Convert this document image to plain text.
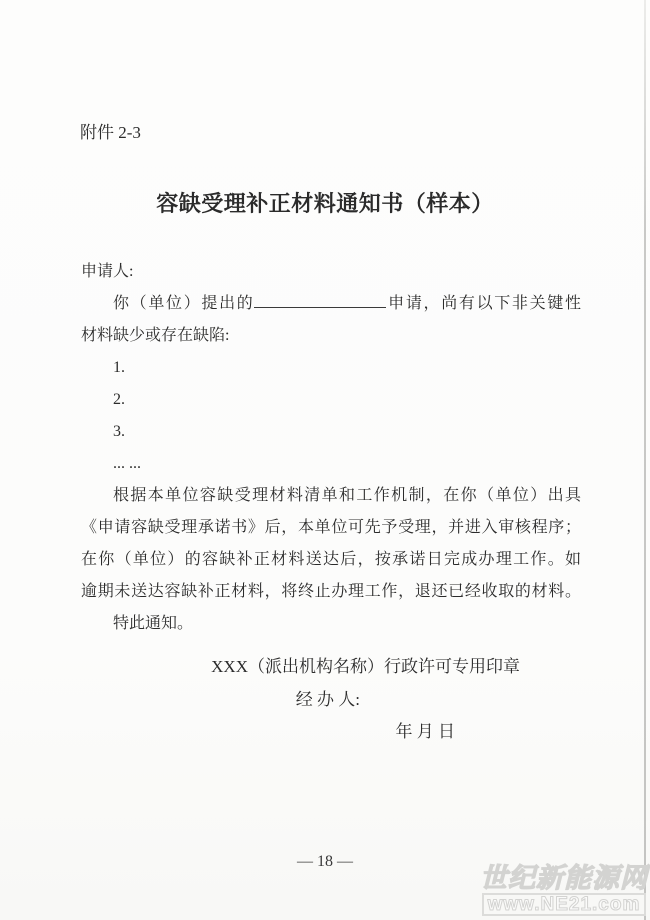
附件 2-3
容缺受理补正材料通知书（样本）

申请人:

你（单位）提出的	申请，尚有以下非关键性

材料缺少或存在缺陷:

1.

2.

3.

... ...

根据本单位容缺受理材料清单和工作机制，在你（单位）出具

《申请容缺受理承诺书》后，本单位可先予受理，并进入审核程序；

在你（单位）的容缺补正材料送达后，按承诺日完成办理工作。如

逾期未送达容缺补正材料，将终止办理工作，退还已经收取的材料。

特此通知。

XXX（派出机构名称）行政许可专用印章
经 办 人:
年 月 日
— 18 —
世纪新能源网
www.NE21.com
